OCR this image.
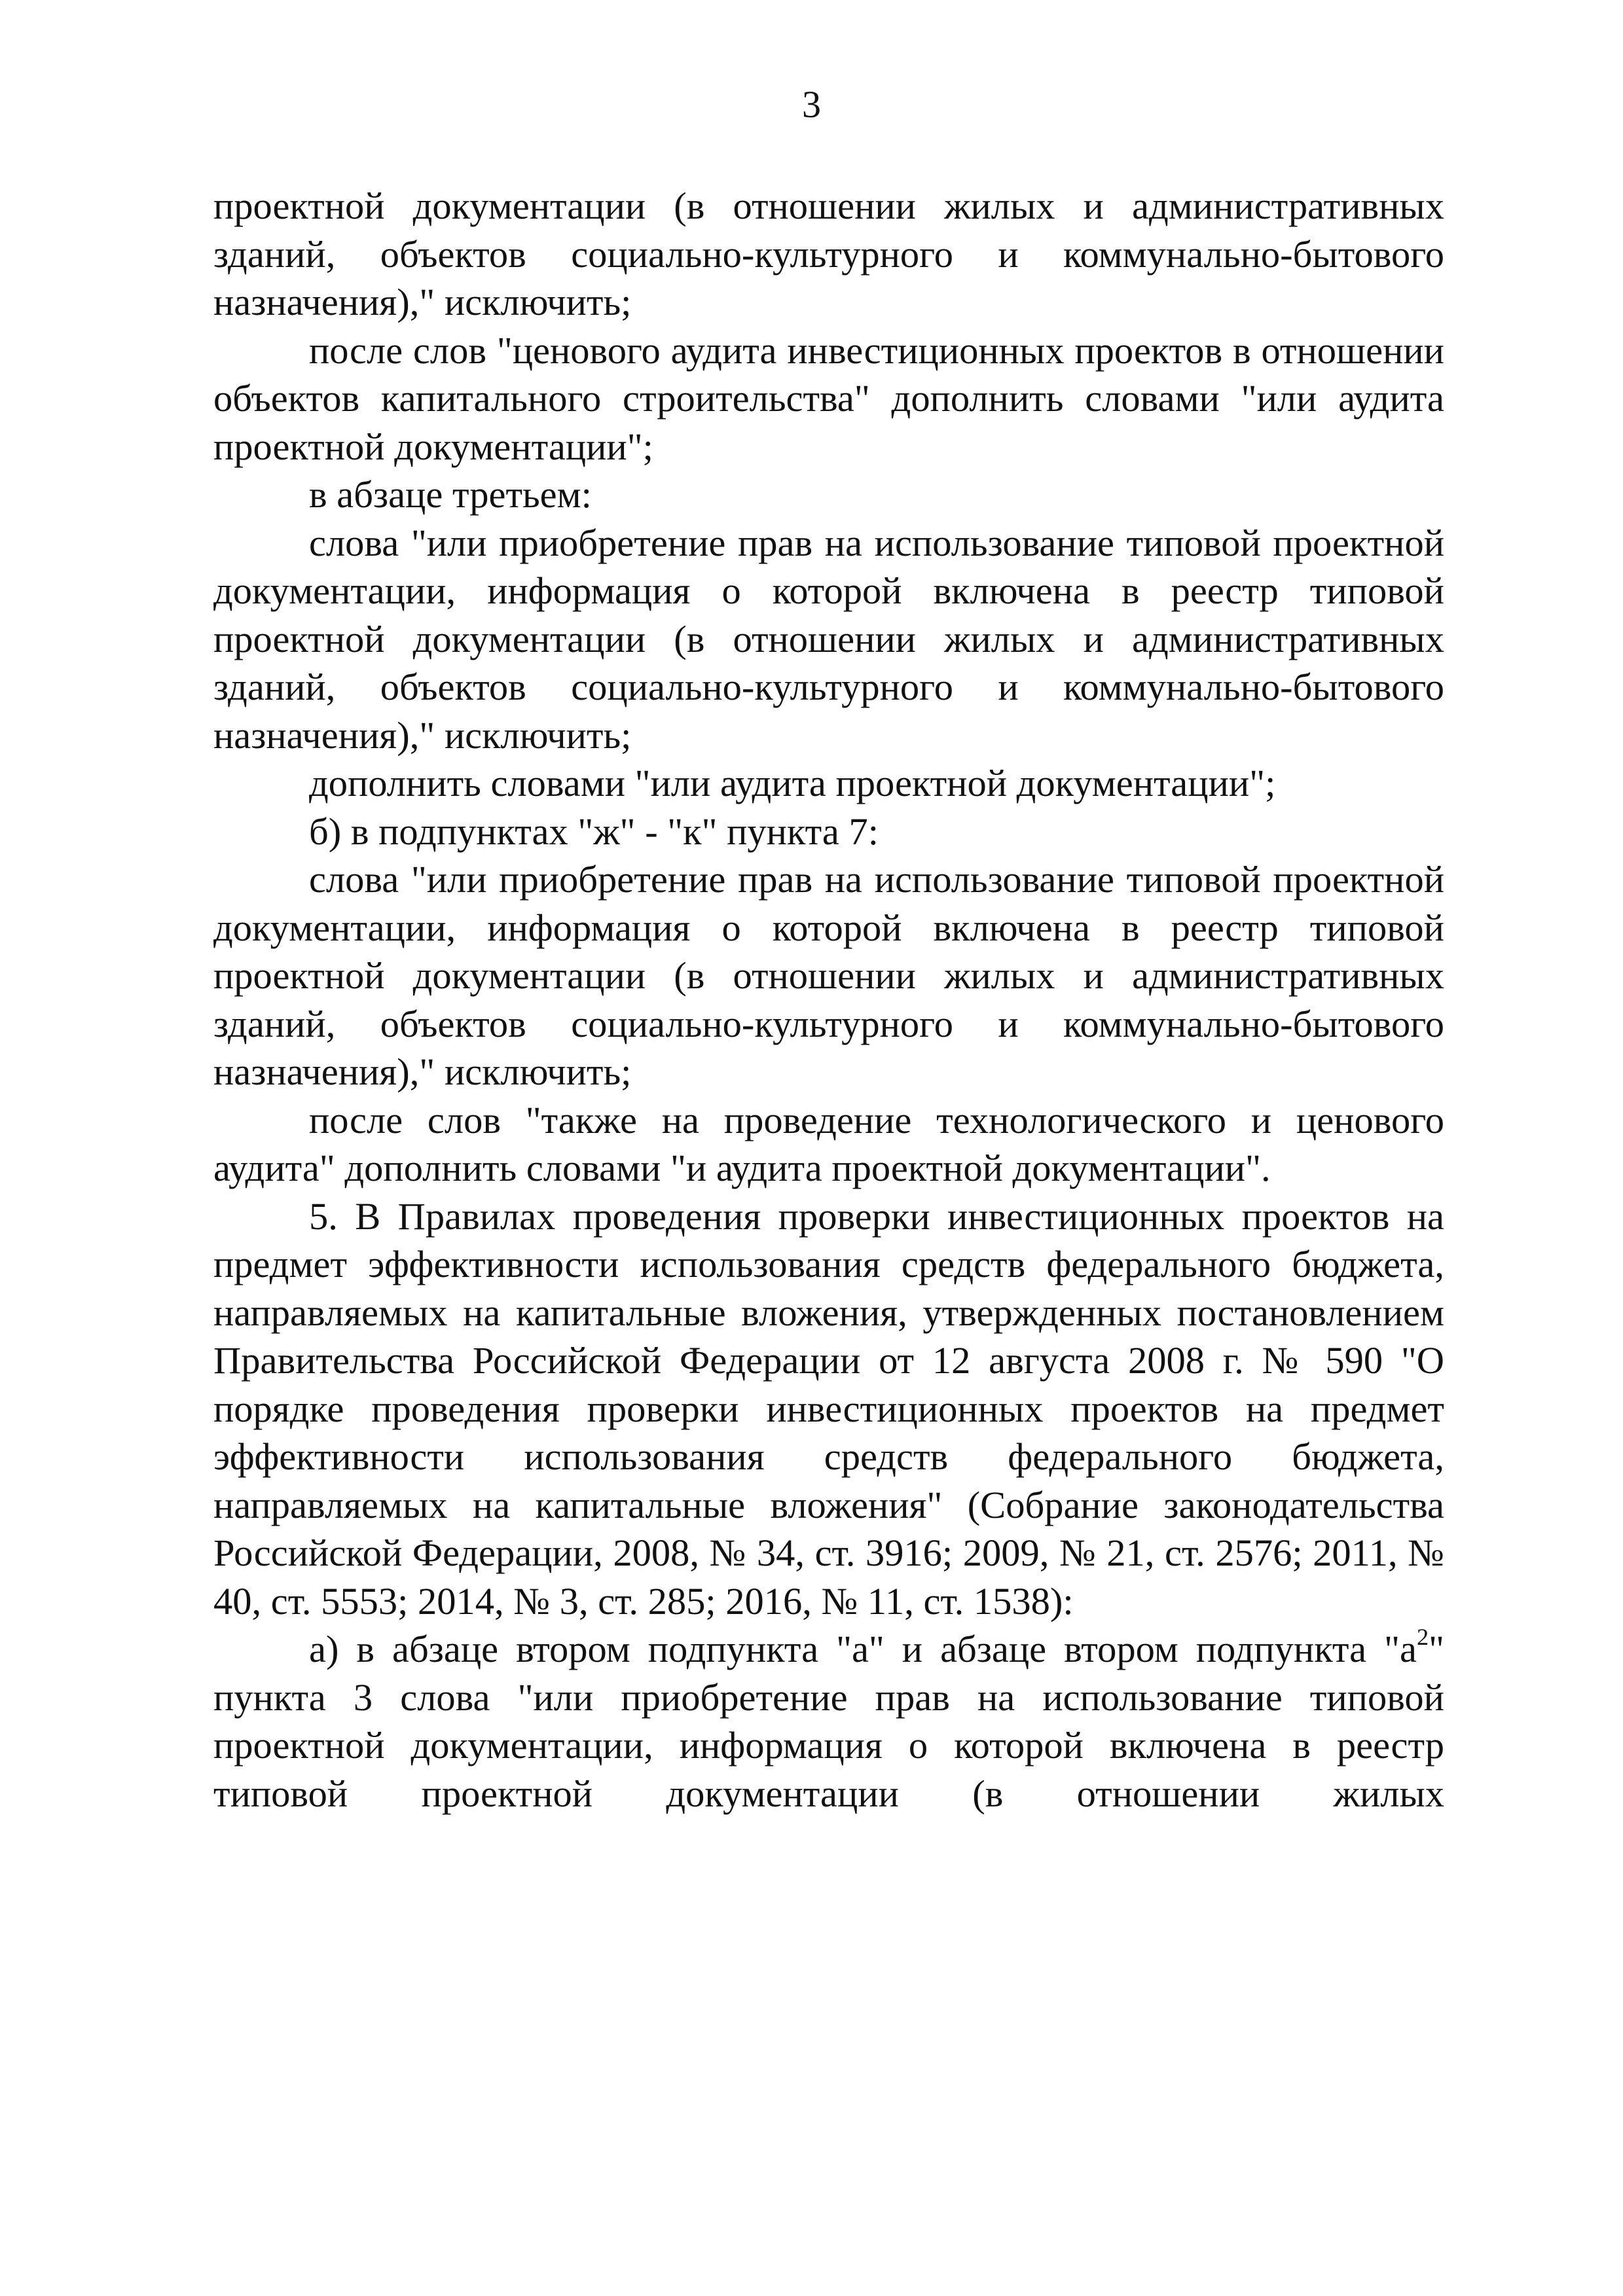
3

проектной документации (в отношении жилых и административных зданий, объектов социально-культурного и коммунально-бытового назначения)," исключить;

после слов "ценового аудита инвестиционных проектов в отношении объектов капитального строительства" дополнить словами "или аудита проектной документации";

в абзаце третьем:

слова "или приобретение прав на использование типовой проектной документации, информация о которой включена в реестр типовой проектной документации (в отношении жилых и административных зданий, объектов социально-культурного и коммунально-бытового назначения)," исключить;

дополнить словами "или аудита проектной документации";

б) в подпунктах "ж" - "к" пункта 7:

слова "или приобретение прав на использование типовой проектной документации, информация о которой включена в реестр типовой проектной документации (в отношении жилых и административных зданий, объектов социально-культурного и коммунально-бытового назначения)," исключить;

после слов "также на проведение технологического и ценового аудита" дополнить словами "и аудита проектной документации".

5. В Правилах проведения проверки инвестиционных проектов на предмет эффективности использования средств федерального бюджета, направляемых на капитальные вложения, утвержденных постановлением Правительства Российской Федерации от 12 августа 2008 г. № 590 "О порядке проведения проверки инвестиционных проектов на предмет эффективности использования средств федерального бюджета, направляемых на капитальные вложения" (Собрание законодательства Российской Федерации, 2008, № 34, ст. 3916; 2009, № 21, ст. 2576; 2011, № 40, ст. 5553; 2014, № 3, ст. 285; 2016, № 11, ст. 1538):

а) в абзаце втором подпункта "а" и абзаце втором подпункта "$а^2$" пункта 3 слова "или приобретение прав на использование типовой проектной документации, информация о которой включена в реестр типовой проектной документации (в отношении жилых
